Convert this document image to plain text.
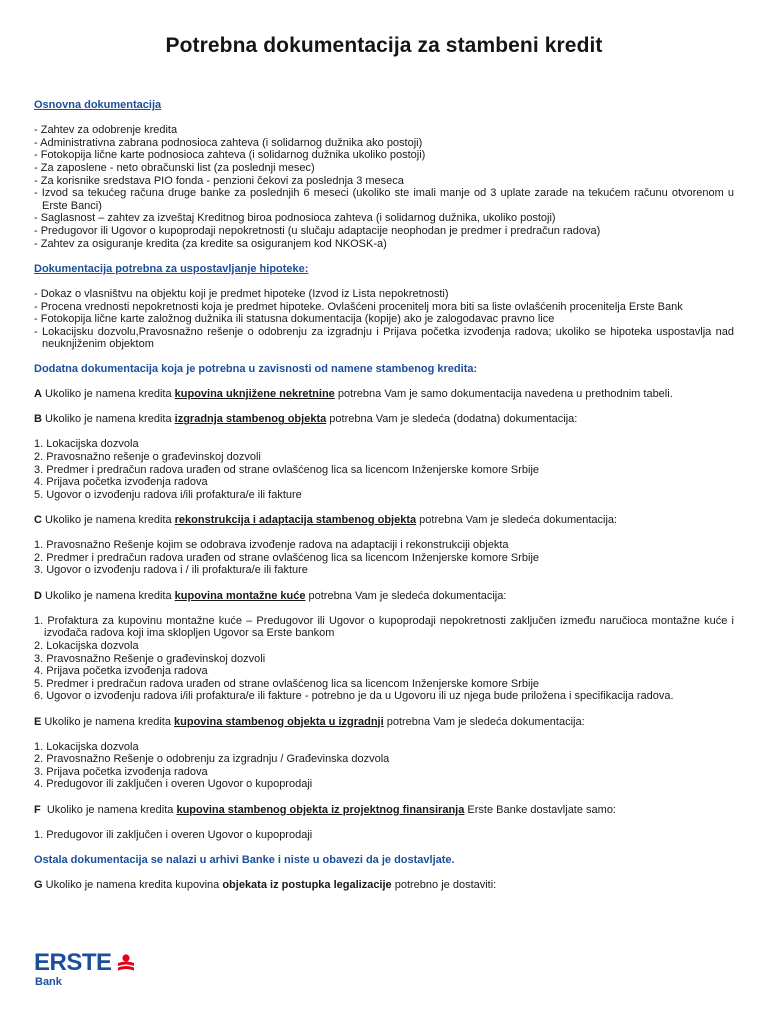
Potrebna dokumentacija za stambeni kredit

Osnovna dokumentacija

- Zahtev za odobrenje kredita

- Administrativna zabrana podnosioca zahteva (i solidarnog dužnika ako postoji)

- Fotokopija lične karte podnosioca zahteva (i solidarnog dužnika ukoliko postoji)

- Za zaposlene - neto obračunski list (za poslednji mesec)

- Za korisnike sredstava PIO fonda - penzioni čekovi za poslednja 3 meseca

- Izvod sa tekućeg računa druge banke za poslednjih 6 meseci (ukoliko ste imali manje od 3 uplate zarade na tekućem računu otvorenom u Erste Banci)

- Saglasnost – zahtev za izveštaj Kreditnog biroa podnosioca zahteva (i solidarnog dužnika, ukoliko postoji)

- Predugovor ili Ugovor o kupoprodaji nepokretnosti (u slučaju adaptacije neophodan je predmer i predračun radova)

- Zahtev za osiguranje kredita (za kredite sa osiguranjem kod NKOSK-a)

Dokumentacija potrebna za uspostavljanje hipoteke:

- Dokaz o vlasništvu na objektu koji je predmet hipoteke (Izvod iz Lista nepokretnosti)

- Procena vrednosti nepokretnosti koja je predmet hipoteke. Ovlašćeni procenitelj mora biti sa liste ovlašćenih procenitelja Erste Bank

- Fotokopija lične karte založnog dužnika ili statusna dokumentacija (kopije) ako je zalogodavac pravno lice

- Lokacijsku dozvolu,Pravosnažno rešenje o odobrenju za izgradnju i Prijava početka izvođenja radova; ukoliko se hipoteka uspostavlja nad neuknjiženim objektom

Dodatna dokumentacija koja je potrebna u zavisnosti od namene stambenog kredita:

A Ukoliko je namena kredita kupovina uknjižene nekretnine potrebna Vam je samo dokumentacija navedena u prethodnim tabeli.

B Ukoliko je namena kredita izgradnja stambenog objekta potrebna Vam je sledeća (dodatna) dokumentacija:

1. Lokacijska dozvola

2. Pravosnažno rešenje o građevinskoj dozvoli

3. Predmer i predračun radova urađen od strane ovlašćenog lica sa licencom Inženjerske komore Srbije

4. Prijava početka izvođenja radova

5. Ugovor o izvođenju radova i/ili profaktura/e ili fakture

C Ukoliko je namena kredita rekonstrukcija i adaptacija stambenog objekta potrebna Vam je sledeća dokumentacija:

1. Pravosnažno Rešenje kojim se odobrava izvođenje radova na adaptaciji i rekonstrukciji objekta

2. Predmer i predračun radova urađen od strane ovlašćenog lica sa licencom Inženjerske komore Srbije

3. Ugovor o izvođenju radova i / ili profaktura/e ili fakture

D Ukoliko je namena kredita kupovina montažne kuće potrebna Vam je sledeća dokumentacija:

1. Profaktura za kupovinu montažne kuće – Predugovor ili Ugovor o kupoprodaji nepokretnosti zaključen između naručioca montažne kuće i izvođača radova koji ima sklopljen Ugovor sa Erste bankom

2. Lokacijska dozvola

3. Pravosnažno Rešenje o građevinskoj dozvoli

4. Prijava početka izvođenja radova

5. Predmer i predračun radova urađen od strane ovlašćenog lica sa licencom Inženjerske komore Srbije

6. Ugovor o izvođenju radova i/ili profaktura/e ili fakture - potrebno je da u Ugovoru ili uz njega bude priložena i specifikacija radova.

E Ukoliko je namena kredita kupovina stambenog objekta u izgradnji potrebna Vam je sledeća dokumentacija:

1. Lokacijska dozvola

2. Pravosnažno Rešenje o odobrenju za izgradnju / Građevinska dozvola

3. Prijava početka izvođenja radova

4. Predugovor ili zaključen i overen Ugovor o kupoprodaji

F  Ukoliko je namena kredita kupovina stambenog objekta iz projektnog finansiranja Erste Banke dostavljate samo:

1. Predugovor ili zaključen i overen Ugovor o kupoprodaji

Ostala dokumentacija se nalazi u arhivi Banke i niste u obavezi da je dostavljate.

G Ukoliko je namena kredita kupovina objekata iz postupka legalizacije potrebno je dostaviti:

ERSTE
Bank
